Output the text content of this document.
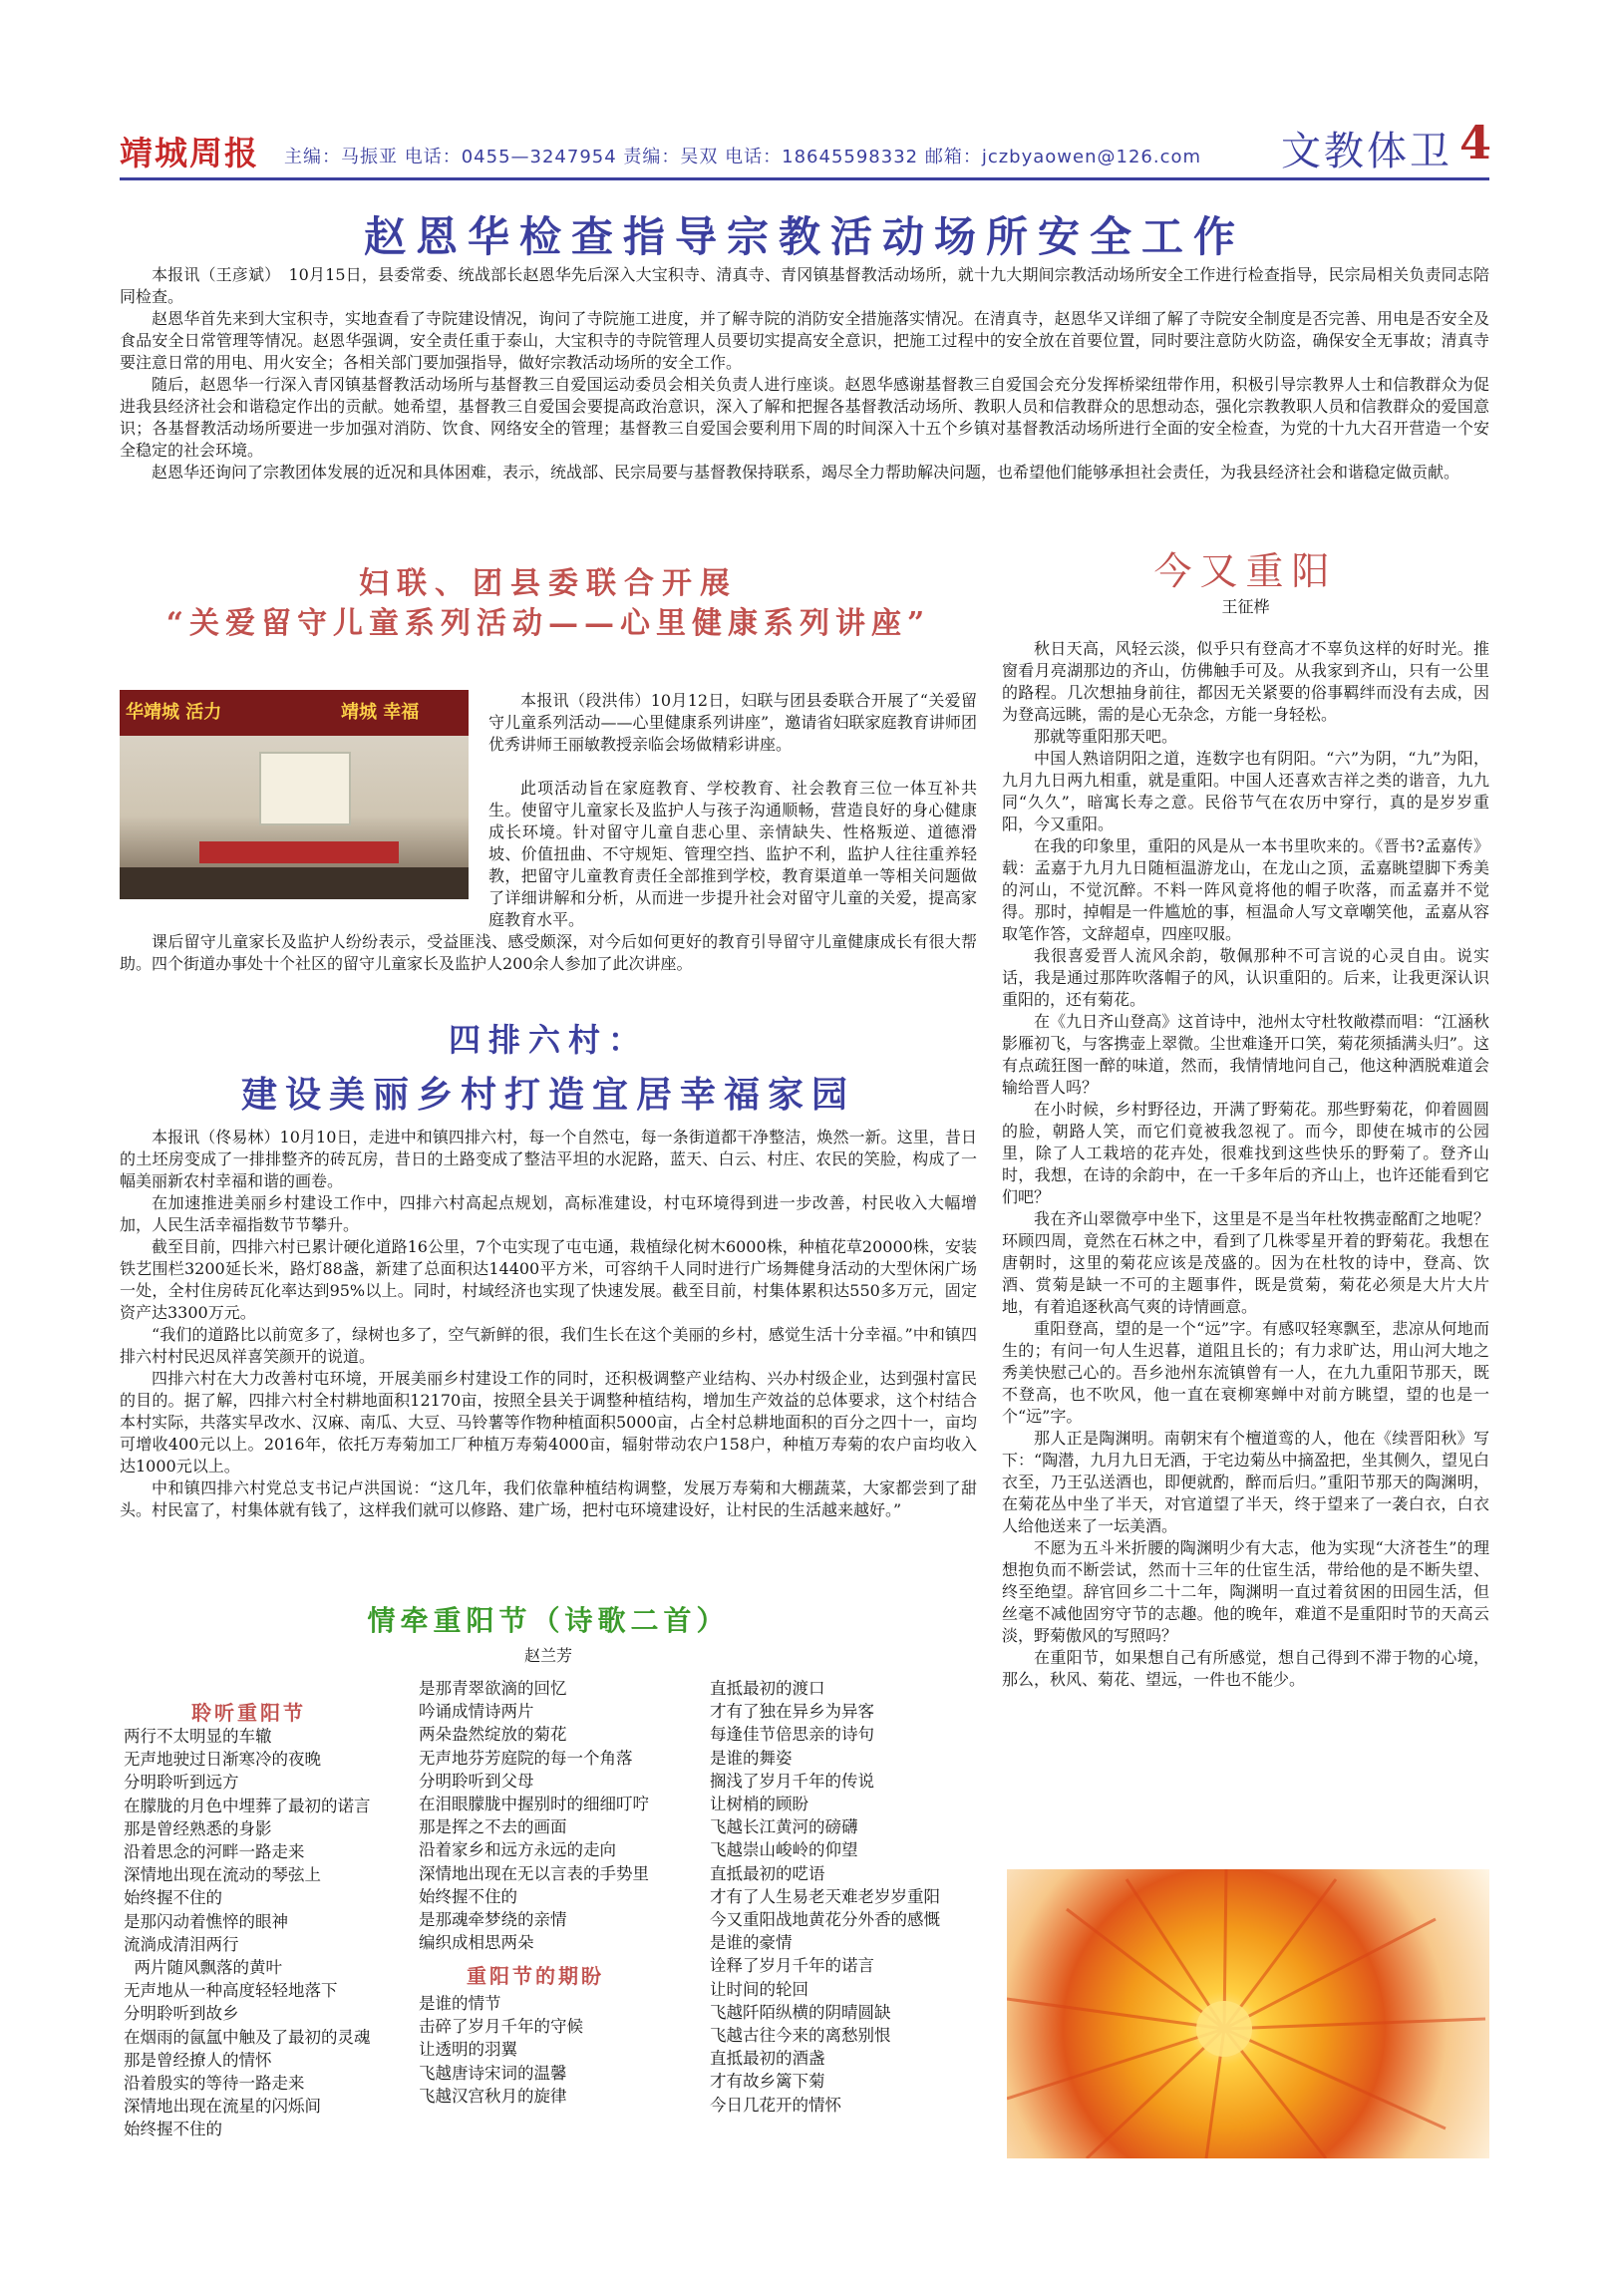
靖城周报 主编：马振亚 电话：0455—3247954 责编：吴双 电话：18645598332 邮箱：jczbyaowen@126.com 文教体卫 4
赵恩华检查指导宗教活动场所安全工作

本报讯（王彦斌）　10月15日，县委常委、统战部长赵恩华先后深入大宝积寺、清真寺、青冈镇基督教活动场所，就十九大期间宗教活动场所安全工作进行检查指导，民宗局相关负责同志陪同检查。

赵恩华首先来到大宝积寺，实地查看了寺院建设情况，询问了寺院施工进度，并了解寺院的消防安全措施落实情况。在清真寺，赵恩华又详细了解了寺院安全制度是否完善、用电是否安全及食品安全日常管理等情况。赵恩华强调，安全责任重于泰山，大宝积寺的寺院管理人员要切实提高安全意识，把施工过程中的安全放在首要位置，同时要注意防火防盗，确保安全无事故；清真寺要注意日常的用电、用火安全；各相关部门要加强指导，做好宗教活动场所的安全工作。

随后，赵恩华一行深入青冈镇基督教活动场所与基督教三自爱国运动委员会相关负责人进行座谈。赵恩华感谢基督教三自爱国会充分发挥桥梁纽带作用，积极引导宗教界人士和信教群众为促进我县经济社会和谐稳定作出的贡献。她希望，基督教三自爱国会要提高政治意识，深入了解和把握各基督教活动场所、教职人员和信教群众的思想动态，强化宗教教职人员和信教群众的爱国意识；各基督教活动场所要进一步加强对消防、饮食、网络安全的管理；基督教三自爱国会要利用下周的时间深入十五个乡镇对基督教活动场所进行全面的安全检查，为党的十九大召开营造一个安全稳定的社会环境。

赵恩华还询问了宗教团体发展的近况和具体困难，表示，统战部、民宗局要与基督教保持联系，竭尽全力帮助解决问题，也希望他们能够承担社会责任，为我县经济社会和谐稳定做贡献。

妇联、团县委联合开展
“关爱留守儿童系列活动——心里健康系列讲座”
华靖城 活力	靖城 幸福

本报讯（段洪伟）10月12日，妇联与团县委联合开展了“关爱留守儿童系列活动——心里健康系列讲座”，邀请省妇联家庭教育讲师团优秀讲师王丽敏教授亲临会场做精彩讲座。

此项活动旨在家庭教育、学校教育、社会教育三位一体互补共生。使留守儿童家长及监护人与孩子沟通顺畅，营造良好的身心健康成长环境。针对留守儿童自悲心里、亲情缺失、性格叛逆、道德滑坡、价值扭曲、不守规矩、管理空挡、监护不利，监护人往往重养轻教，把留守儿童教育责任全部推到学校，教育渠道单一等相关问题做了详细讲解和分析，从而进一步提升社会对留守儿童的关爱，提高家庭教育水平。

课后留守儿童家长及监护人纷纷表示，受益匪浅、感受颇深，对今后如何更好的教育引导留守儿童健康成长有很大帮助。四个街道办事处十个社区的留守儿童家长及监护人200余人参加了此次讲座。

四排六村：
建设美丽乡村打造宜居幸福家园

本报讯（佟易林）10月10日，走进中和镇四排六村，每一个自然屯，每一条街道都干净整洁，焕然一新。这里，昔日的土坯房变成了一排排整齐的砖瓦房，昔日的土路变成了整洁平坦的水泥路，蓝天、白云、村庄、农民的笑脸，构成了一幅美丽新农村幸福和谐的画卷。

在加速推进美丽乡村建设工作中，四排六村高起点规划，高标准建设，村屯环境得到进一步改善，村民收入大幅增加，人民生活幸福指数节节攀升。

截至目前，四排六村已累计硬化道路16公里，7个屯实现了屯屯通，栽植绿化树木6000株，种植花草20000株，安装铁艺围栏3200延长米，路灯88盏，新建了总面积达14400平方米，可容纳千人同时进行广场舞健身活动的大型休闲广场一处，全村住房砖瓦化率达到95%以上。同时，村域经济也实现了快速发展。截至目前，村集体累积达550多万元，固定资产达3300万元。

“我们的道路比以前宽多了，绿树也多了，空气新鲜的很，我们生长在这个美丽的乡村，感觉生活十分幸福。”中和镇四排六村村民迟凤祥喜笑颜开的说道。

四排六村在大力改善村屯环境，开展美丽乡村建设工作的同时，还积极调整产业结构、兴办村级企业，达到强村富民的目的。据了解，四排六村全村耕地面积12170亩，按照全县关于调整种植结构，增加生产效益的总体要求，这个村结合本村实际，共落实早改水、汉麻、南瓜、大豆、马铃薯等作物种植面积5000亩，占全村总耕地面积的百分之四十一，亩均可增收400元以上。2016年，依托万寿菊加工厂种植万寿菊4000亩，辐射带动农户158户，种植万寿菊的农户亩均收入达1000元以上。

中和镇四排六村党总支书记卢洪国说：“这几年，我们依靠种植结构调整，发展万寿菊和大棚蔬菜，大家都尝到了甜头。村民富了，村集体就有钱了，这样我们就可以修路、建广场，把村屯环境建设好，让村民的生活越来越好。”

情牵重阳节（诗歌二首）
赵兰芳
聆听重阳节
两行不太明显的车辙
无声地驶过日渐寒冷的夜晚
分明聆听到远方
在朦胧的月色中埋葬了最初的诺言
那是曾经熟悉的身影
沿着思念的河畔一路走来
深情地出现在流动的琴弦上
始终握不住的
是那闪动着憔悴的眼神
流淌成清泪两行
两片随风飘落的黄叶
无声地从一种高度轻轻地落下
分明聆听到故乡
在烟雨的氤氲中触及了最初的灵魂
那是曾经撩人的情怀
沿着殷实的等待一路走来
深情地出现在流星的闪烁间
始终握不住的
是那青翠欲滴的回忆
吟诵成情诗两片
两朵盎然绽放的菊花
无声地芬芳庭院的每一个角落
分明聆听到父母
在泪眼朦胧中握别时的细细叮咛
那是挥之不去的画面
沿着家乡和远方永远的走向
深情地出现在无以言表的手势里
始终握不住的
是那魂牵梦绕的亲情
编织成相思两朵
重阳节的期盼
是谁的情节
击碎了岁月千年的守候
让透明的羽翼
飞越唐诗宋词的温馨
飞越汉宫秋月的旋律
直抵最初的渡口
才有了独在异乡为异客
每逢佳节倍思亲的诗句
是谁的舞姿
搁浅了岁月千年的传说
让树梢的顾盼
飞越长江黄河的磅礴
飞越崇山峻岭的仰望
直抵最初的呓语
才有了人生易老天难老岁岁重阳
今又重阳战地黄花分外香的感慨
是谁的豪情
诠释了岁月千年的诺言
让时间的轮回
飞越阡陌纵横的阴晴圆缺
飞越古往今来的离愁别恨
直抵最初的酒盏
才有故乡篱下菊
今日几花开的情怀
今又重阳
王征桦

秋日天高，风轻云淡，似乎只有登高才不辜负这样的好时光。推窗看月亮湖那边的齐山，仿佛触手可及。从我家到齐山，只有一公里的路程。几次想抽身前往，都因无关紧要的俗事羁绊而没有去成，因为登高远眺，需的是心无杂念，方能一身轻松。

那就等重阳那天吧。

中国人熟谙阴阳之道，连数字也有阴阳。“六”为阴，“九”为阳，九月九日两九相重，就是重阳。中国人还喜欢吉祥之类的谐音，九九同“久久”，暗寓长寿之意。民俗节气在农历中穿行，真的是岁岁重阳，今又重阳。

在我的印象里，重阳的风是从一本书里吹来的。《晋书?孟嘉传》载：孟嘉于九月九日随桓温游龙山，在龙山之顶，孟嘉眺望脚下秀美的河山，不觉沉醉。不料一阵风竟将他的帽子吹落，而孟嘉并不觉得。那时，掉帽是一件尴尬的事，桓温命人写文章嘲笑他，孟嘉从容取笔作答，文辞超卓，四座叹服。

我很喜爱晋人流风余韵，敬佩那种不可言说的心灵自由。说实话，我是通过那阵吹落帽子的风，认识重阳的。后来，让我更深认识重阳的，还有菊花。

在《九日齐山登高》这首诗中，池州太守杜牧敞襟而唱：“江涵秋影雁初飞，与客携壶上翠微。尘世难逢开口笑，菊花须插满头归”。这有点疏狂图一醉的味道，然而，我情情地问自己，他这种洒脱难道会输给晋人吗？

在小时候，乡村野径边，开满了野菊花。那些野菊花，仰着圆圆的脸，朝路人笑，而它们竟被我忽视了。而今，即使在城市的公园里，除了人工栽培的花卉处，很难找到这些快乐的野菊了。登齐山时，我想，在诗的余韵中，在一千多年后的齐山上，也许还能看到它们吧？

我在齐山翠微亭中坐下，这里是不是当年杜牧携壶酩酊之地呢？环顾四周，竟然在石林之中，看到了几株零星开着的野菊花。我想在唐朝时，这里的菊花应该是茂盛的。因为在杜牧的诗中，登高、饮酒、赏菊是缺一不可的主题事件，既是赏菊，菊花必须是大片大片地，有着追逐秋高气爽的诗情画意。

重阳登高，望的是一个“远”字。有感叹轻寒飘至，悲凉从何地而生的；有问一句人生迟暮，道阻且长的；有力求旷达，用山河大地之秀美快慰己心的。吾乡池州东流镇曾有一人，在九九重阳节那天，既不登高，也不吹风，他一直在衰柳寒蝉中对前方眺望，望的也是一个“远”字。

那人正是陶渊明。南朝宋有个檀道鸾的人，他在《续晋阳秋》写下：“陶潜，九月九日无酒，于宅边菊丛中摘盈把，坐其侧久，望见白衣至，乃王弘送酒也，即便就酌，醉而后归。”重阳节那天的陶渊明，在菊花丛中坐了半天，对官道望了半天，终于望来了一袭白衣，白衣人给他送来了一坛美酒。

不愿为五斗米折腰的陶渊明少有大志，他为实现“大济苍生”的理想抱负而不断尝试，然而十三年的仕宦生活，带给他的是不断失望、终至绝望。辞官回乡二十二年，陶渊明一直过着贫困的田园生活，但丝毫不减他固穷守节的志趣。他的晚年，难道不是重阳时节的天高云淡，野菊傲风的写照吗？

在重阳节，如果想自己有所感觉，想自己得到不滞于物的心境，那么，秋风、菊花、望远，一件也不能少。
